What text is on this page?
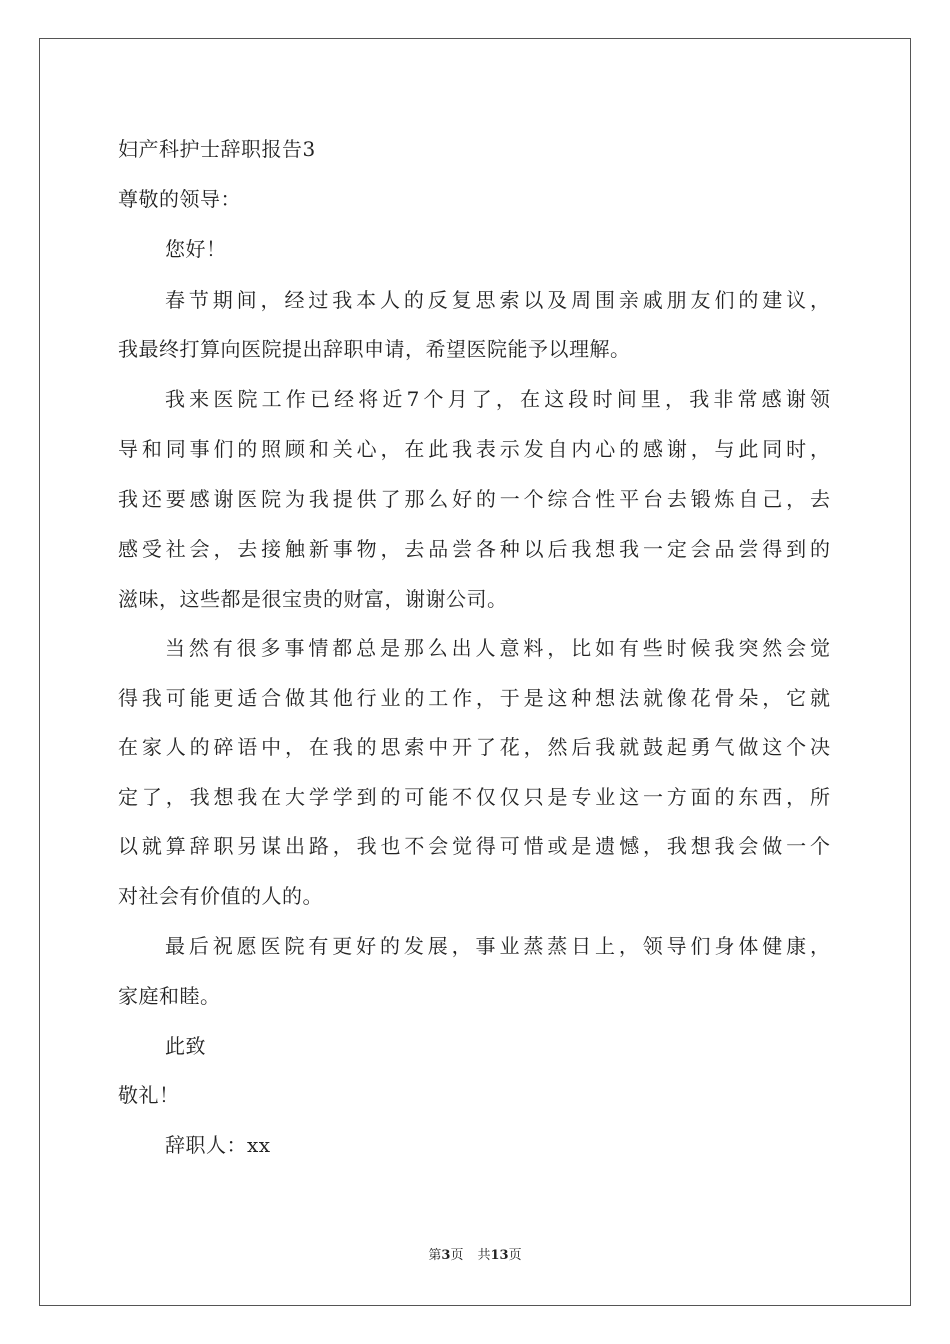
妇产科护士辞职报告3
尊敬的领导：
您好！
春节期间，经过我本人的反复思索以及周围亲戚朋友们的建议，
我最终打算向医院提出辞职申请，希望医院能予以理解。
我来医院工作已经将近7个月了，在这段时间里，我非常感谢领
导和同事们的照顾和关心，在此我表示发自内心的感谢，与此同时，
我还要感谢医院为我提供了那么好的一个综合性平台去锻炼自己，去
感受社会，去接触新事物，去品尝各种以后我想我一定会品尝得到的
滋味，这些都是很宝贵的财富，谢谢公司。
当然有很多事情都总是那么出人意料，比如有些时候我突然会觉
得我可能更适合做其他行业的工作，于是这种想法就像花骨朵，它就
在家人的碎语中，在我的思索中开了花，然后我就鼓起勇气做这个决
定了，我想我在大学学到的可能不仅仅只是专业这一方面的东西，所
以就算辞职另谋出路，我也不会觉得可惜或是遗憾，我想我会做一个
对社会有价值的人的。
最后祝愿医院有更好的发展，事业蒸蒸日上，领导们身体健康，
家庭和睦。
此致
敬礼！
辞职人：xx
第3页 共13页
